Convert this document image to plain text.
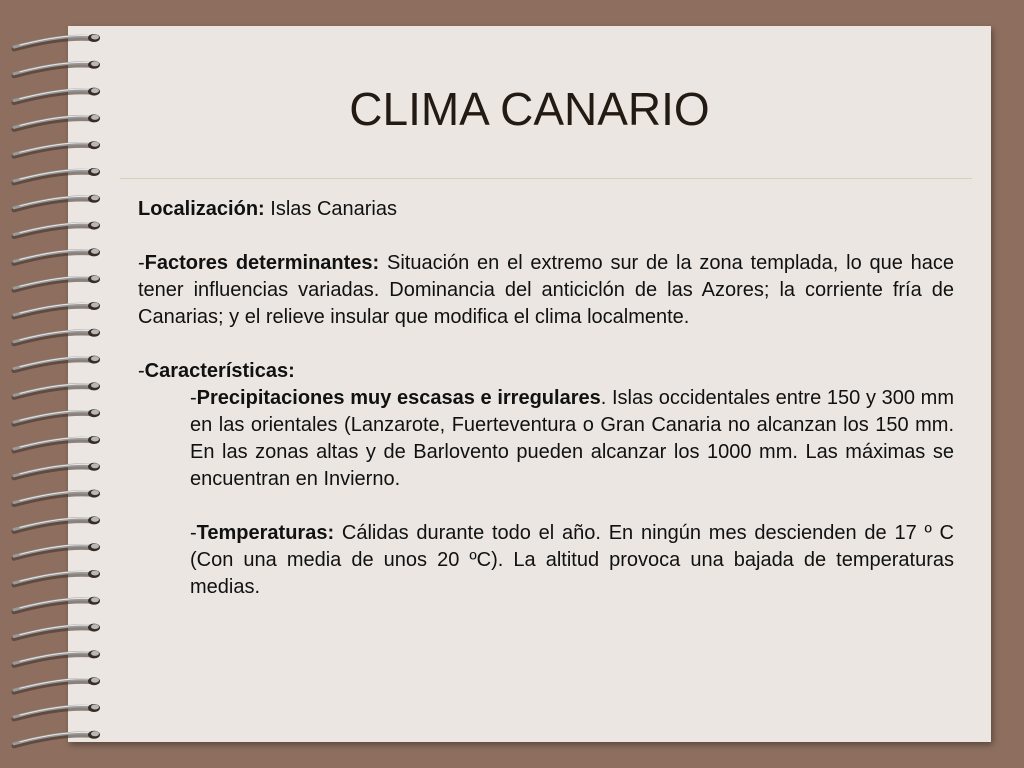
CLIMA CANARIO

Localización: Islas Canarias

-Factores determinantes: Situación en el extremo sur de la zona templada, lo que hace tener influencias variadas. Dominancia del anticiclón de las Azores; la corriente fría de Canarias; y el relieve insular que modifica el clima localmente.

-Características:

-Precipitaciones muy escasas e irregulares. Islas occidentales entre 150 y 300 mm en las orientales (Lanzarote, Fuerteventura o Gran Canaria no alcanzan los 150 mm. En las zonas altas y de Barlovento pueden alcanzar los 1000 mm. Las máximas se encuentran en Invierno.

-Temperaturas: Cálidas durante todo el año. En ningún mes descienden de 17 º C (Con una media de unos 20 ºC). La altitud provoca una bajada de temperaturas medias.
